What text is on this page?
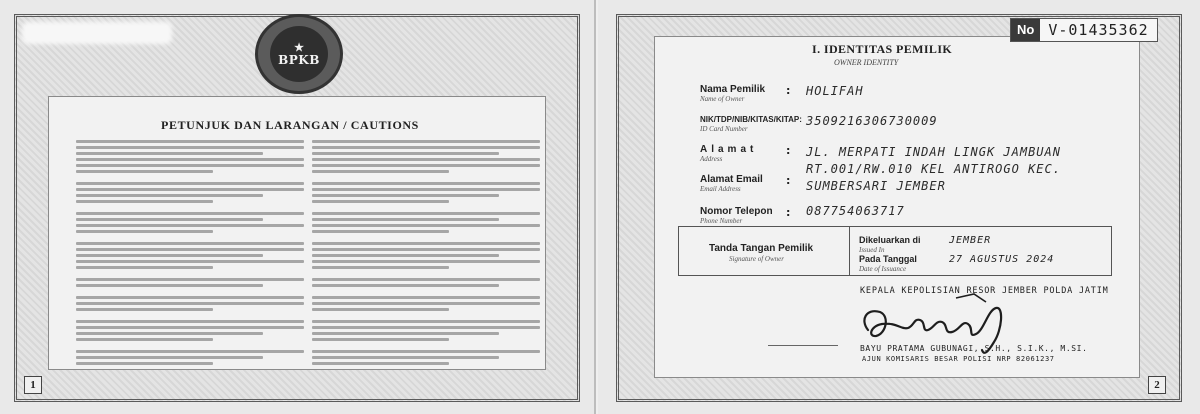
★
BPKB
PETUNJUK DAN LARANGAN / CAUTIONS
1
No V-01435362
I. IDENTITAS PEMILIK
OWNER IDENTITY
Nama Pemilik
Name of Owner
: HOLIFAH
NIK/TDP/NIB/KITAS/KITAP:
ID Card Number
3509216306730009
Alamat
Address
: JL. MERPATI INDAH LINGK JAMBUAN RT.001/RW.010 KEL ANTIROGO KEC. SUMBERSARI JEMBER
Alamat Email
Email Address
:
Nomor Telepon
Phone Number
: 087754063717
Tanda Tangan Pemilik
Signature of Owner
Dikeluarkan di
Issued In
JEMBER
Pada Tanggal
Date of Issuance
27 AGUSTUS 2024
KEPALA KEPOLISIAN RESOR JEMBER POLDA JATIM
BAYU PRATAMA GUBUNAGI, S.H., S.I.K., M.SI.
AJUN KOMISARIS BESAR POLISI NRP 82061237
2
